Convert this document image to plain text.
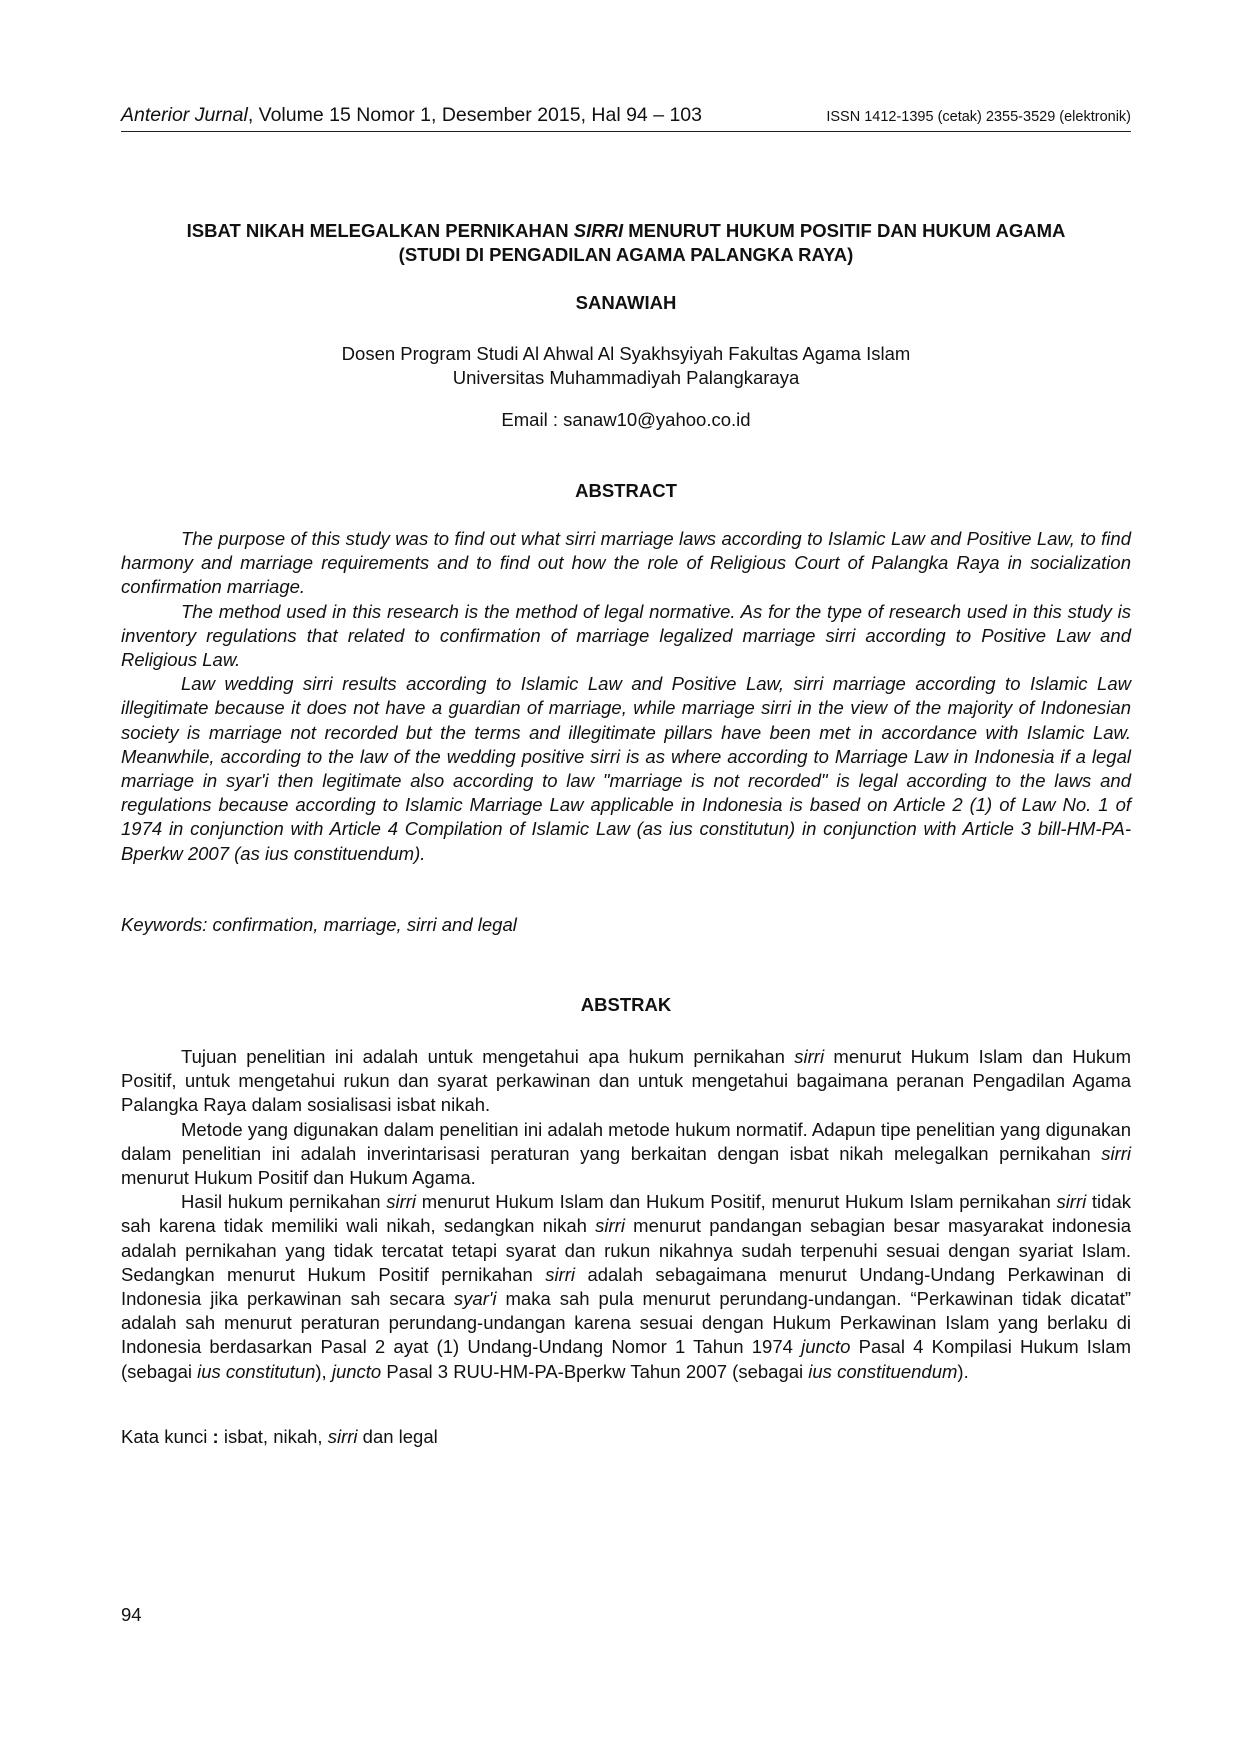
Anterior Jurnal, Volume 15 Nomor 1, Desember 2015, Hal 94 – 103	ISSN 1412-1395 (cetak) 2355-3529 (elektronik)
ISBAT NIKAH MELEGALKAN PERNIKAHAN SIRRI MENURUT HUKUM POSITIF DAN HUKUM AGAMA
(STUDI DI PENGADILAN AGAMA PALANGKA RAYA)
SANAWIAH
Dosen Program Studi Al Ahwal Al Syakhsyiyah Fakultas Agama Islam
Universitas Muhammadiyah Palangkaraya
Email : sanaw10@yahoo.co.id
ABSTRACT

The purpose of this study was to find out what sirri marriage laws according to Islamic Law and Positive Law, to find harmony and marriage requirements and to find out how the role of Religious Court of Palangka Raya in socialization confirmation marriage.

The method used in this research is the method of legal normative. As for the type of research used in this study is inventory regulations that related to confirmation of marriage legalized marriage sirri according to Positive Law and Religious Law.

Law wedding sirri results according to Islamic Law and Positive Law, sirri marriage according to Islamic Law illegitimate because it does not have a guardian of marriage, while marriage sirri in the view of the majority of Indonesian society is marriage not recorded but the terms and illegitimate pillars have been met in accordance with Islamic Law. Meanwhile, according to the law of the wedding positive sirri is as where according to Marriage Law in Indonesia if a legal marriage in syar'i then legitimate also according to law "marriage is not recorded" is legal according to the laws and regulations because according to Islamic Marriage Law applicable in Indonesia is based on Article 2 (1) of Law No. 1 of 1974 in conjunction with Article 4 Compilation of Islamic Law (as ius constitutun) in conjunction with Article 3 bill-HM-PA-Bperkw 2007 (as ius constituendum).

Keywords: confirmation, marriage, sirri and legal
ABSTRAK

Tujuan penelitian ini adalah untuk mengetahui apa hukum pernikahan sirri menurut Hukum Islam dan Hukum Positif, untuk mengetahui rukun dan syarat perkawinan dan untuk mengetahui bagaimana peranan Pengadilan Agama Palangka Raya dalam sosialisasi isbat nikah.

Metode yang digunakan dalam penelitian ini adalah metode hukum normatif. Adapun tipe penelitian yang digunakan dalam penelitian ini adalah inverintarisasi peraturan yang berkaitan dengan isbat nikah melegalkan pernikahan sirri menurut Hukum Positif dan Hukum Agama.

Hasil hukum pernikahan sirri menurut Hukum Islam dan Hukum Positif, menurut Hukum Islam pernikahan sirri tidak sah karena tidak memiliki wali nikah, sedangkan nikah sirri menurut pandangan sebagian besar masyarakat indonesia adalah pernikahan yang tidak tercatat tetapi syarat dan rukun nikahnya sudah terpenuhi sesuai dengan syariat Islam. Sedangkan menurut Hukum Positif pernikahan sirri adalah sebagaimana menurut Undang-Undang Perkawinan di Indonesia jika perkawinan sah secara syar'i maka sah pula menurut perundang-undangan. “Perkawinan tidak dicatat” adalah sah menurut peraturan perundang-undangan karena sesuai dengan Hukum Perkawinan Islam yang berlaku di Indonesia berdasarkan Pasal 2 ayat (1) Undang-Undang Nomor 1 Tahun 1974 juncto Pasal 4 Kompilasi Hukum Islam (sebagai ius constitutun), juncto Pasal 3 RUU-HM-PA-Bperkw Tahun 2007 (sebagai ius constituendum).

Kata kunci : isbat, nikah, sirri dan legal
94
